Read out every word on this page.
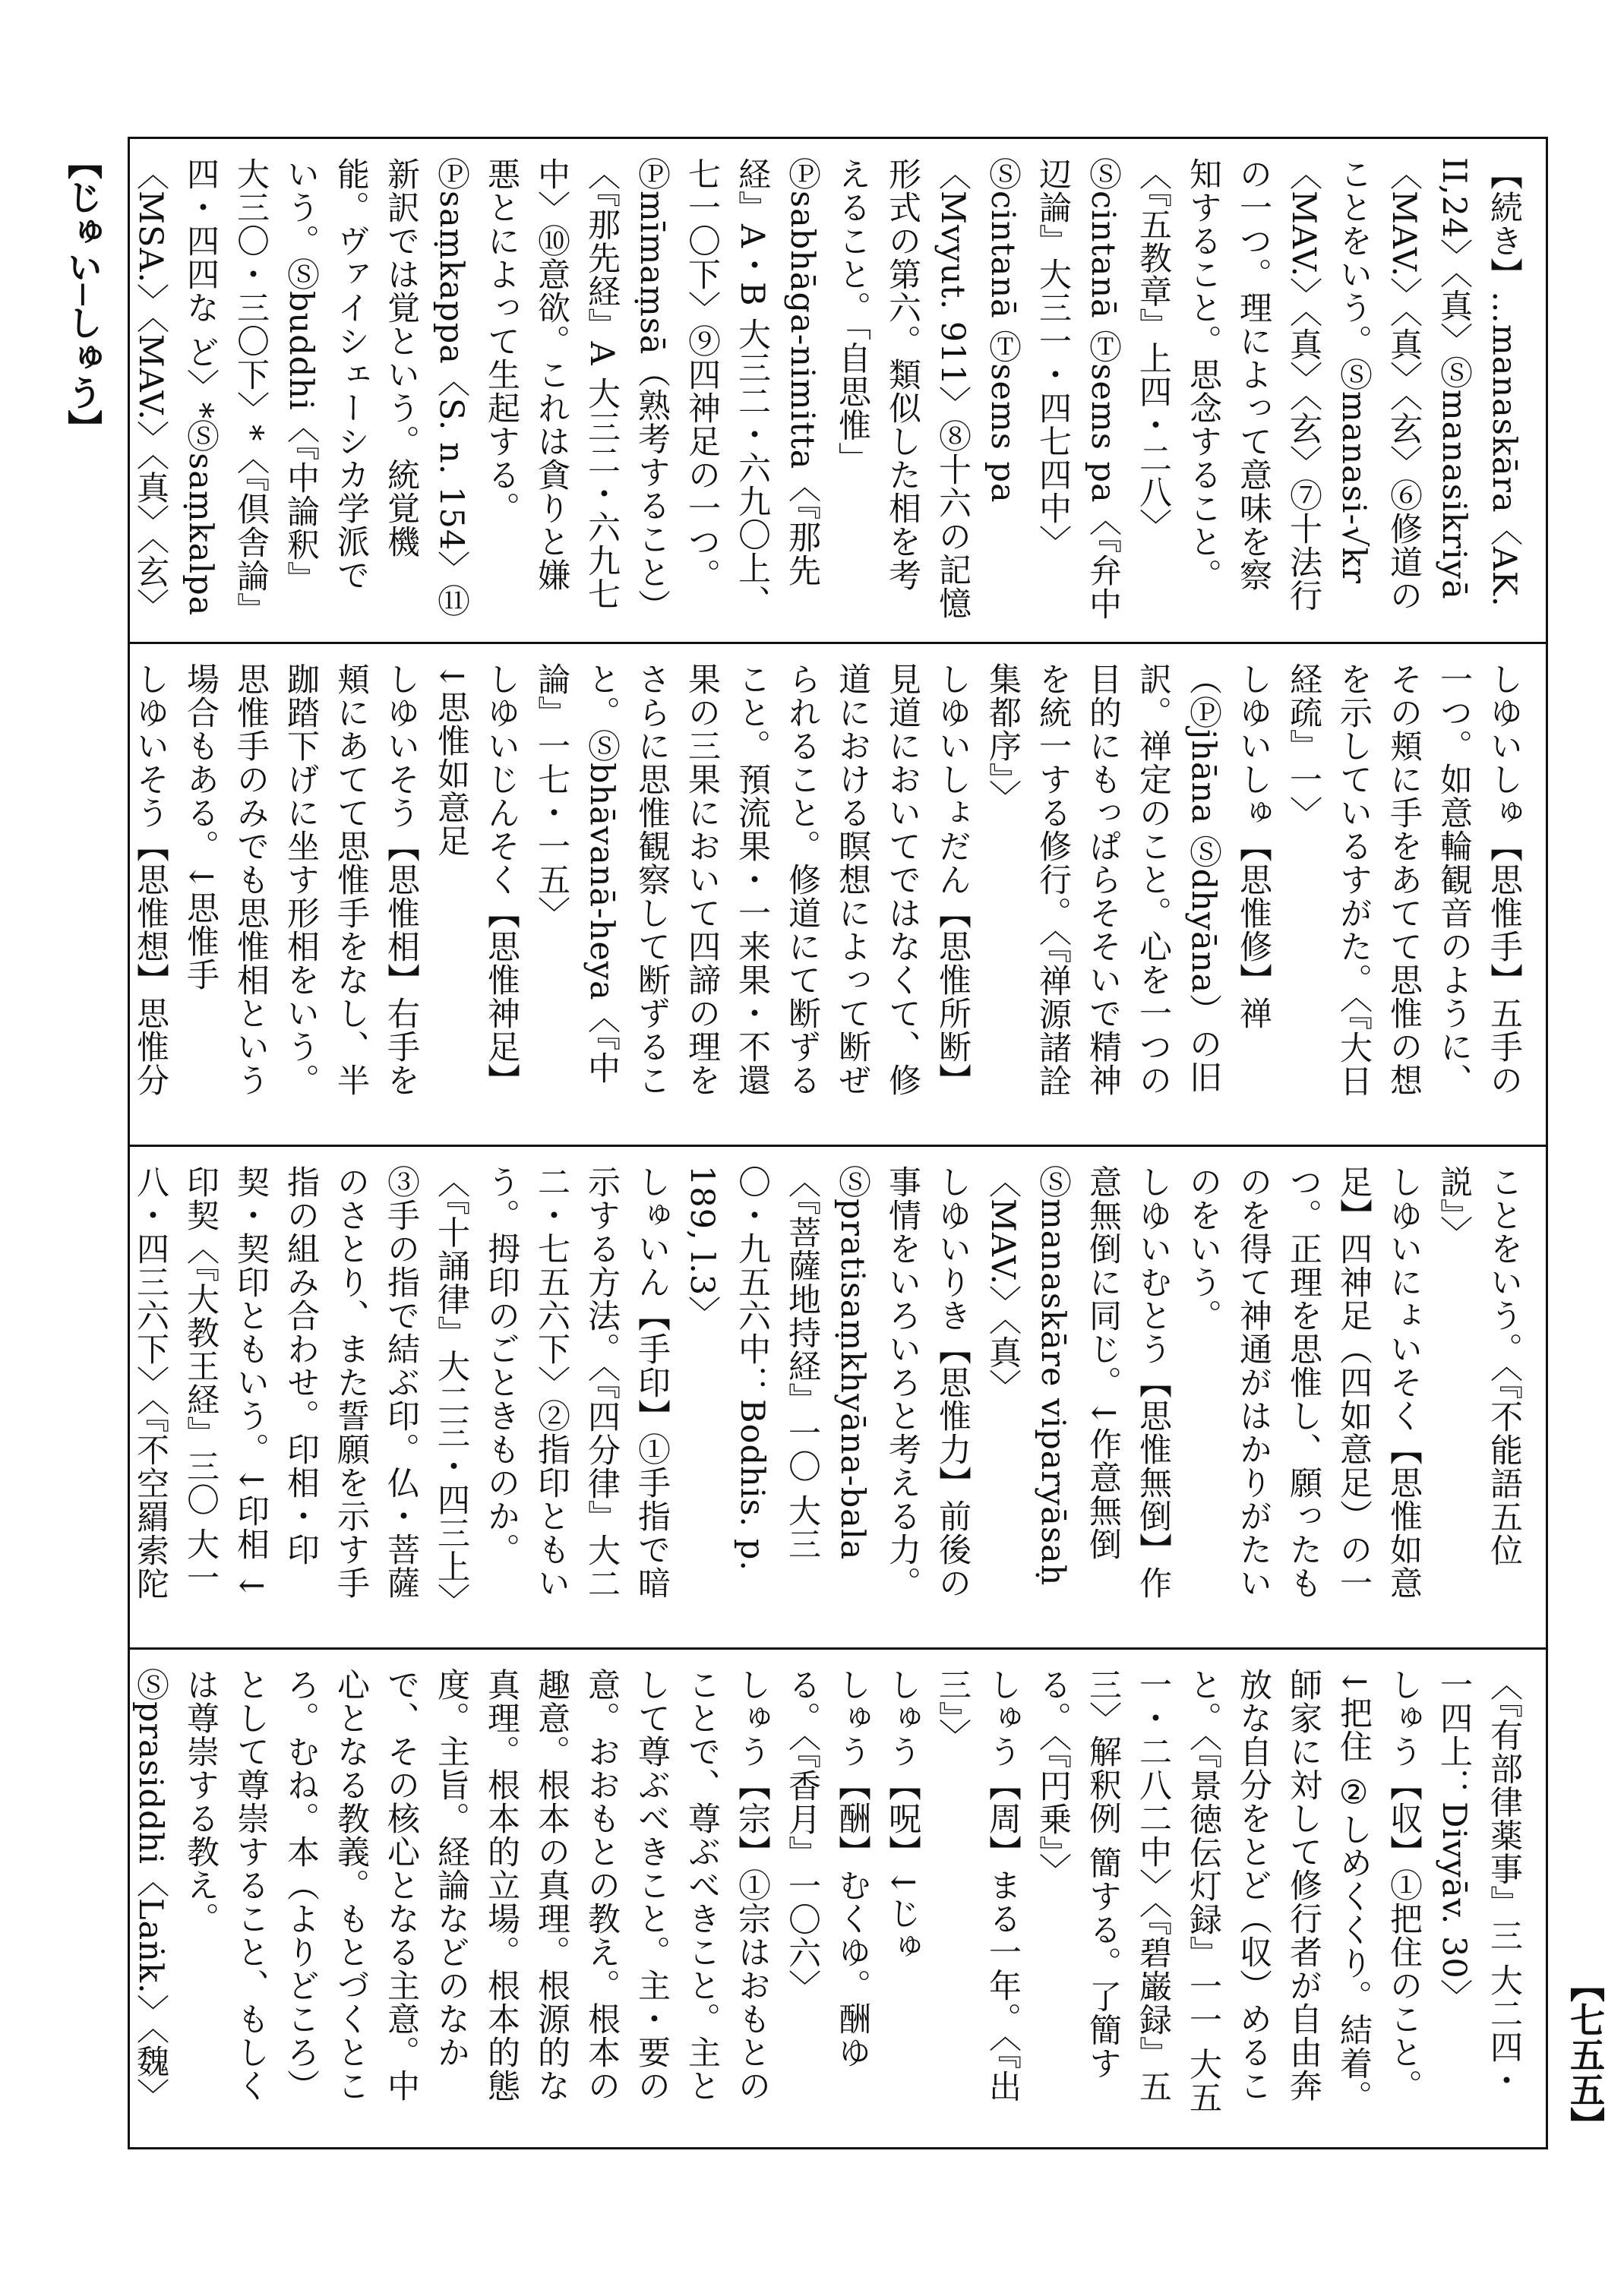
【じゅい─しゅう】	【続き】…manaskāra〈AK. II,24〉〈真〉Ⓢmanasikriyā〈MAV.〉〈真〉〈玄〉⑥修道のことをいう。Ⓢmanasi-√kr〈MAV.〉〈真〉〈玄〉⑦十法行の一つ。理によって意味を察知すること。思念すること。〈『五教章』上四・二八〉Ⓢcintanā Ⓣsems pa〈『弁中辺論』大三一・四七四中〉Ⓢcintanā Ⓣsems pa〈Mvyut. 911〉⑧十六の記憶形式の第六。類似した相を考えること。「自思惟」Ⓟsabhāga-nimitta〈『那先経』A・B 大三二・六九〇上、七一〇下〉⑨四神足の一つ。Ⓟmīmaṃsā（熟考すること）〈『那先経』A 大三二・六九七中〉⑩意欲。これは貪りと嫌悪とによって生起する。Ⓟsaṃkappa〈S. n. 154〉⑪新訳では覚という。統覚機能。ヴァイシェーシカ学派でいう。Ⓢbuddhi〈『中論釈』大三〇・三〇下〉*〈『倶舎論』四・四四な ど〉*Ⓢsaṃkalpa〈MSA.〉〈MAV.〉〈真〉〈玄〉

しゆいしゅ【思惟手】五手の一つ。如意輪観音のように、その頬に手をあてて思惟の想を示しているすがた。〈『大日経疏』一〉

しゆいしゅ【思惟修】禅（Ⓟjhāna Ⓢdhyāna）の旧訳。禅定のこと。心を一つの目的にもっぱらそそいで精神を統一する修行。〈『禅源諸詮集都序』〉

しゆいしょだん【思惟所断】見道においてではなくて、修道における瞑想によって断ぜられること。修道にて断ずること。預流果・一来果・不還果の三果において四諦の理をさらに思惟観察して断ずること。Ⓢbhāvanā-heya〈『中論』一七・一五〉

しゆいじんそく【思惟神足】↓思惟如意足

しゆいそう【思惟相】右手を頬にあてて思惟手をなし、半跏踏下げに坐す形相をいう。思惟手のみでも思惟相という場合もある。↓思惟手

しゆいそう【思惟想】思惟分

ことをいう。〈『不能語五位説』〉

しゆいにょいそく【思惟如意足】四神足（四如意足）の一つ。正理を思惟し、願ったものを得て神通がはかりがたいのをいう。

しゆいむとう【思惟無倒】作意無倒に同じ。↓作意無倒 Ⓢmanaskāre viparyāsaḥ〈MAV.〉〈真〉

しゆいりき【思惟力】前後の事情をいろいろと考える力。Ⓢpratisaṃkhyāna-bala〈『菩薩地持経』一〇 大三〇・九五六中：Bodhis. p. 189, l.3〉

しゅいん【手印】①手指で暗示する方法。〈『四分律』大二二・七五六下〉②指印ともいう。拇印のごときものか。〈『十誦律』大二三・四三上〉③手の指で結ぶ印。仏・菩薩のさとり、また誓願を示す手指の組み合わせ。印相・印契・契印ともいう。↓印相 ↓印契〈『大教王経』三〇 大一八・四三六下〉〈『不空羂索陀

〈『有部律薬事』三 大二四・一四上：Divyāv. 30〉

しゅう【収】①把住のこと。↓把住 ②しめくくり。結着。師家に対して修行者が自由奔放な自分をとど（収）めること。〈『景徳伝灯録』一一 大五一・二八二中〉〈『碧巌録』五三〉解釈例 簡する。了簡する。〈『円乗』〉

しゅう【周】まる一年。〈『出三』〉

しゅう【呪】↓じゅ

しゅう【酬】むくゆ。酬ゆる。〈『香月』一〇六〉

しゅう【宗】①宗はおもとのことで、尊ぶべきこと。主として尊ぶべきこと。主・要の意。おおもとの教え。根本の趣意。根本の真理。根源的な真理。根本的立場。根本的態度。主旨。経論などのなかで、その核心となる主意。中心となる教義。もとづくところ。むね。本（よりどころ）として尊崇すること、もしくは尊崇する教え。Ⓢprasiddhi〈Laṅk.〉〈魏〉	【七五五】
